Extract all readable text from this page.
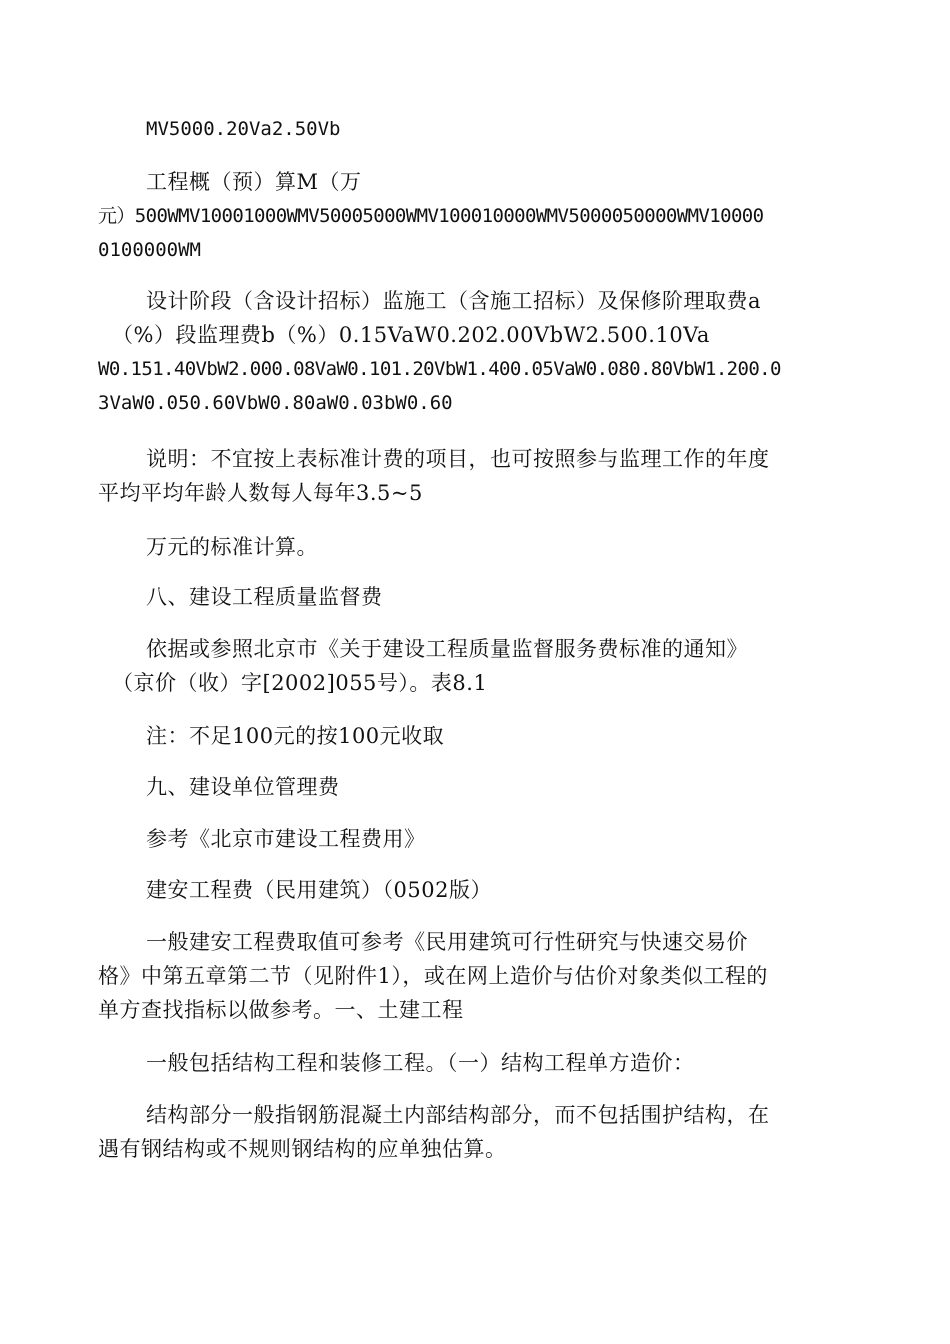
MV5000.20Va2.50Vb
工程概（预）算M（万
元）500WMV10001000WMV50005000WMV100010000WMV5000050000WMV10000
0100000WM
设计阶段（含设计招标）监施工（含施工招标）及保修阶理取费a
（%）段监理费b（%）0.15VaW0.202.00VbW2.500.10Va
W0.151.40VbW2.000.08VaW0.101.20VbW1.400.05VaW0.080.80VbW1.200.0
3VaW0.050.60VbW0.80aW0.03bW0.60
说明：不宜按上表标准计费的项目，也可按照参与监理工作的年度
平均平均年龄人数每人每年3.5~5
万元的标准计算。
八、建设工程质量监督费
依据或参照北京市《关于建设工程质量监督服务费标准的通知》
（京价（收）字[2002]055号）。表8.1
注：不足100元的按100元收取
九、建设单位管理费
参考《北京市建设工程费用》
建安工程费（民用建筑）（0502版）
一般建安工程费取值可参考《民用建筑可行性研究与快速交易价
格》中第五章第二节（见附件1），或在网上造价与估价对象类似工程的
单方查找指标以做参考。一、土建工程
一般包括结构工程和装修工程。（一）结构工程单方造价：
结构部分一般指钢筋混凝土内部结构部分，而不包括围护结构，在
遇有钢结构或不规则钢结构的应单独估算。
